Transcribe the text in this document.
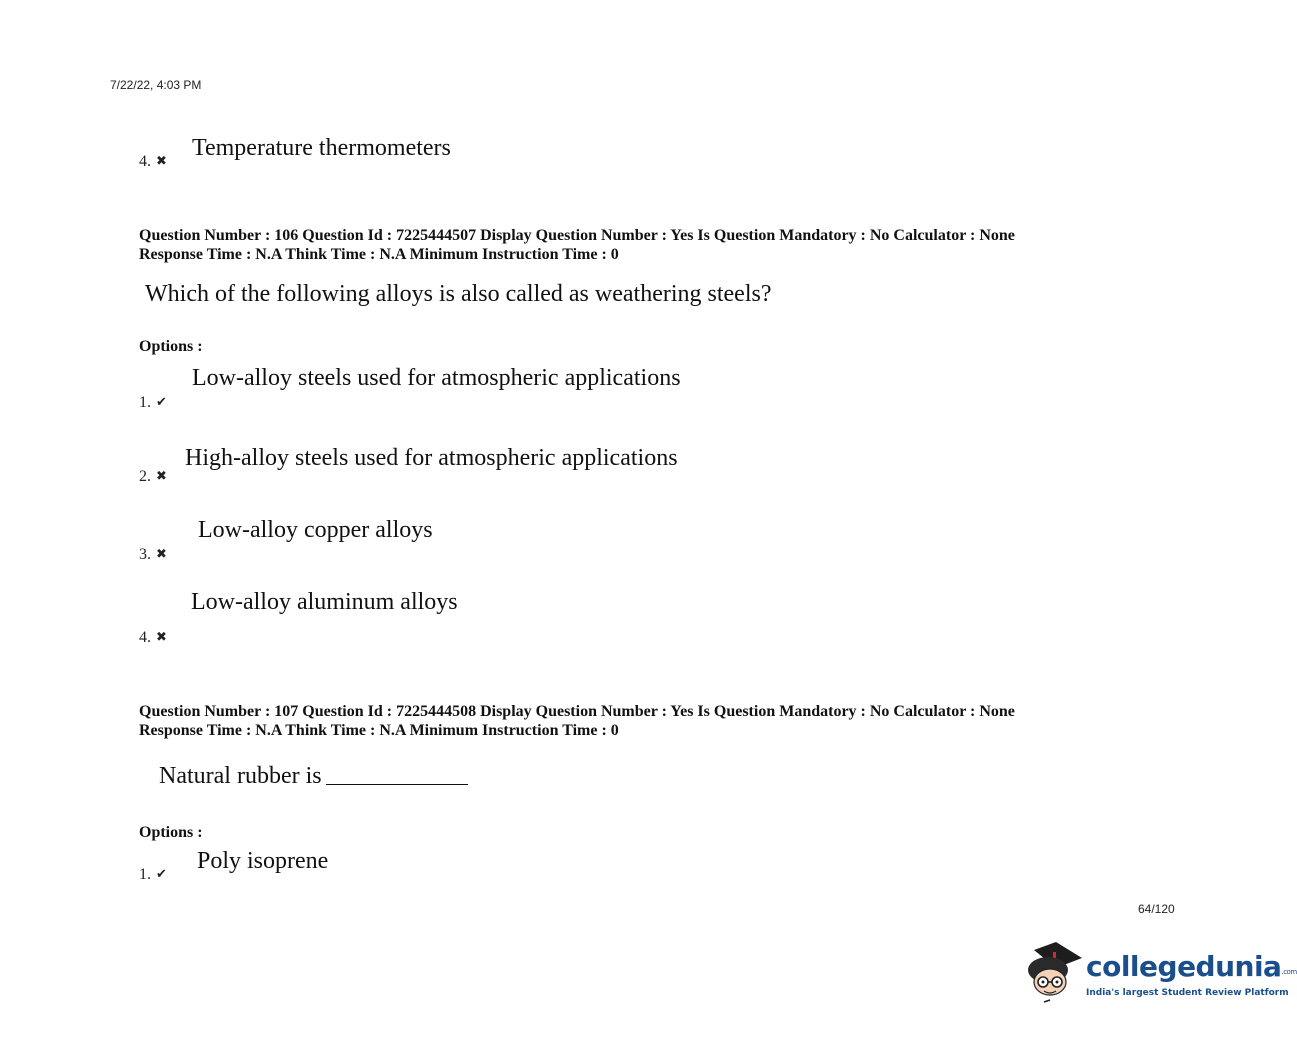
7/22/22, 4:03 PM
4. ✖ Temperature thermometers
Question Number : 106 Question Id : 7225444507 Display Question Number : Yes Is Question Mandatory : No Calculator : None
Response Time : N.A Think Time : N.A Minimum Instruction Time : 0
Which of the following alloys is also called as weathering steels?
Options :
1. ✔
Low-alloy steels used for atmospheric applications
2. ✖
High-alloy steels used for atmospheric applications
3. ✖
Low-alloy copper alloys
4. ✖
Low-alloy aluminum alloys
Question Number : 107 Question Id : 7225444508 Display Question Number : Yes Is Question Mandatory : No Calculator : None
Response Time : N.A Think Time : N.A Minimum Instruction Time : 0
Natural rubber is
Options :
1. ✔ Poly isoprene
64/120
collegedunia.com
India's largest Student Review Platform
